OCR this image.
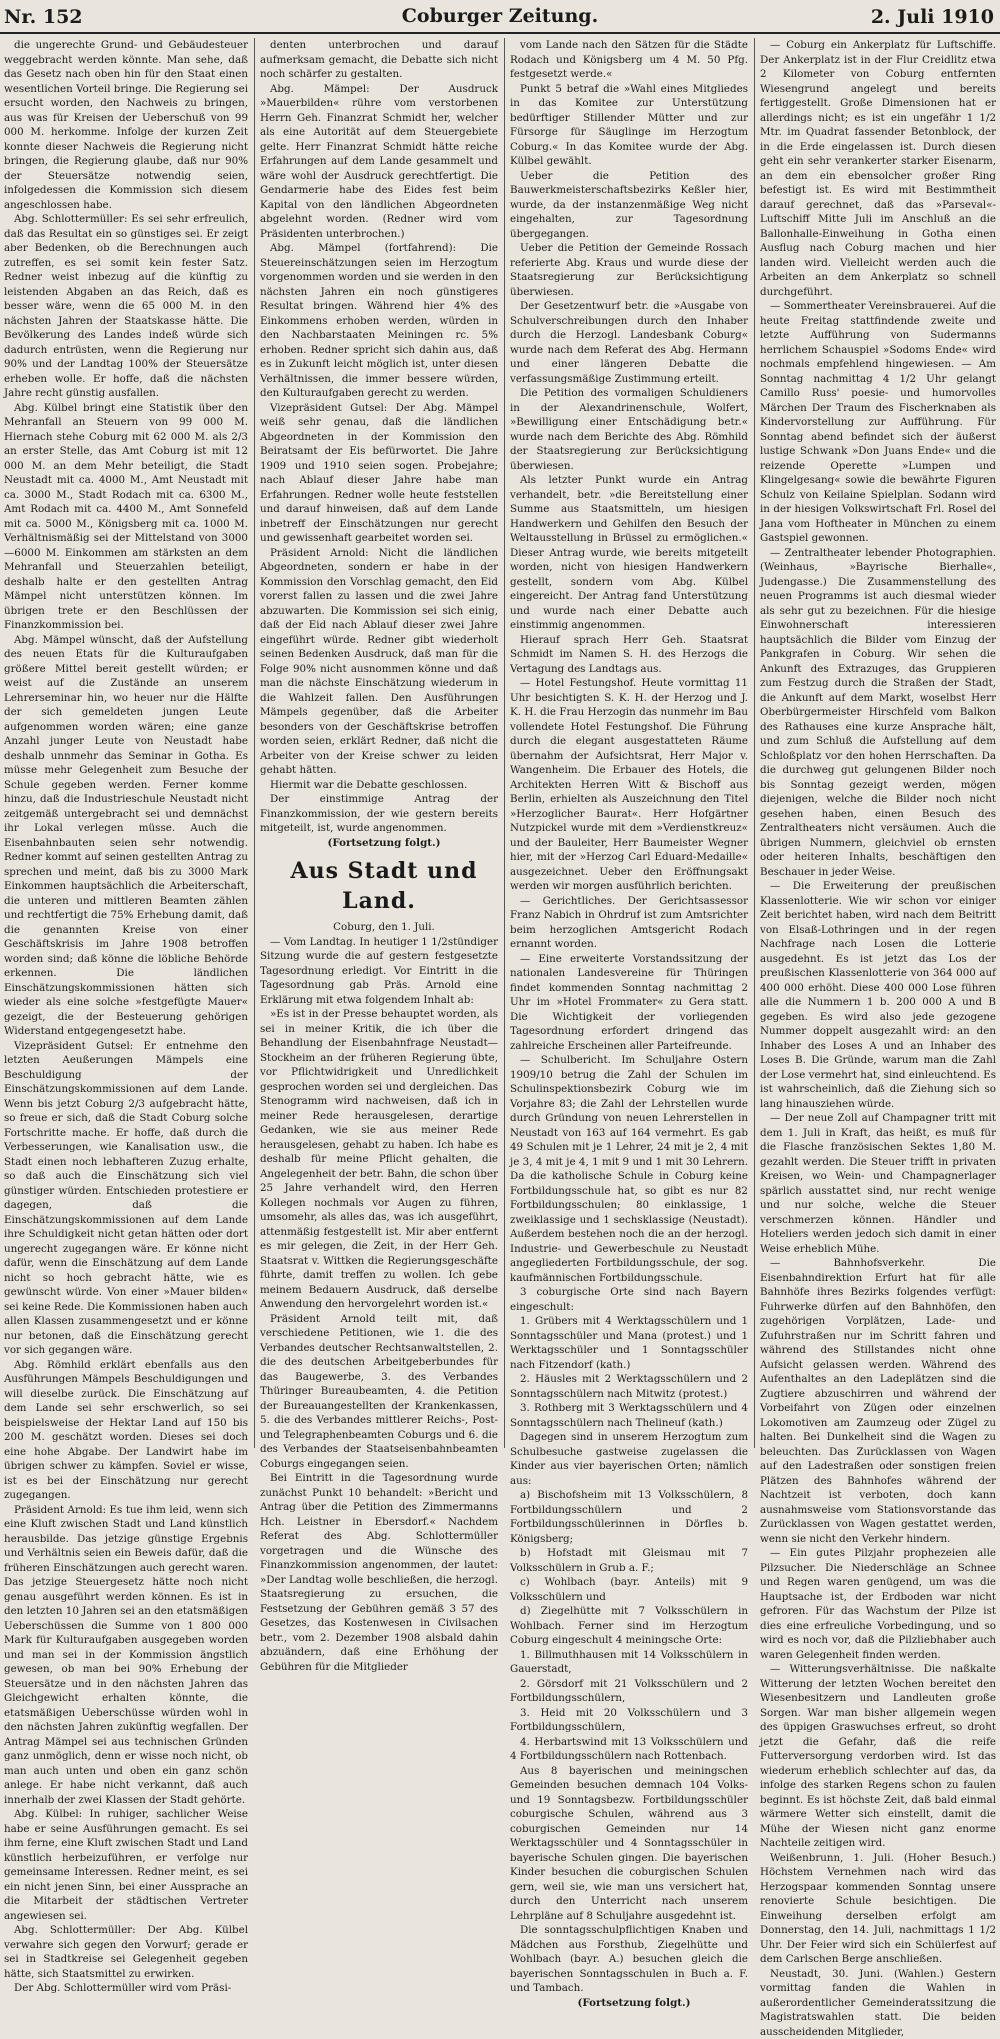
Nr. 152	Coburger Zeitung.	2. Juli 1910

die ungerechte Grund- und Gebäudesteuer weggebracht werden könnte. Man sehe, daß das Gesetz nach oben hin für den Staat einen wesentlichen Vorteil bringe. Die Regierung sei ersucht worden, den Nachweis zu bringen, aus was für Kreisen der Ueberschuß von 99 000 M. herkomme. Infolge der kurzen Zeit konnte dieser Nachweis die Regierung nicht bringen, die Regierung glaube, daß nur 90% der Steuersätze notwendig seien, infolgedessen die Kommission sich diesem angeschlossen habe.

Abg. Schlottermüller: Es sei sehr erfreulich, daß das Resultat ein so günstiges sei. Er zeigt aber Bedenken, ob die Berechnungen auch zutreffen, es sei somit kein fester Satz. Redner weist inbezug auf die künftig zu leistenden Abgaben an das Reich, daß es besser wäre, wenn die 65 000 M. in den nächsten Jahren der Staatskasse hätte. Die Bevölkerung des Landes indeß würde sich dadurch entrüsten, wenn die Regierung nur 90% und der Landtag 100% der Steuersätze erheben wolle. Er hoffe, daß die nächsten Jahre recht günstig ausfallen.

Abg. Külbel bringt eine Statistik über den Mehranfall an Steuern von 99 000 M. Hiernach stehe Coburg mit 62 000 M. als 2/3 an erster Stelle, das Amt Coburg ist mit 12 000 M. an dem Mehr beteiligt, die Stadt Neustadt mit ca. 4000 M., Amt Neustadt mit ca. 3000 M., Stadt Rodach mit ca. 6300 M., Amt Rodach mit ca. 4400 M., Amt Sonnefeld mit ca. 5000 M., Königsberg mit ca. 1000 M. Verhältnismäßig sei der Mittelstand von 3000—6000 M. Einkommen am stärksten an dem Mehranfall und Steuerzahlen beteiligt, deshalb halte er den gestellten Antrag Mämpel nicht unterstützen können. Im übrigen trete er den Beschlüssen der Finanzkommission bei.

Abg. Mämpel wünscht, daß der Aufstellung des neuen Etats für die Kulturaufgaben größere Mittel bereit gestellt würden; er weist auf die Zustände an unserem Lehrerseminar hin, wo heuer nur die Hälfte der sich gemeldeten jungen Leute aufgenommen worden wären; eine ganze Anzahl junger Leute von Neustadt habe deshalb unnmehr das Seminar in Gotha. Es müsse mehr Gelegenheit zum Besuche der Schule gegeben werden. Ferner komme hinzu, daß die Industrieschule Neustadt nicht zeitgemäß untergebracht sei und demnächst ihr Lokal verlegen müsse. Auch die Eisenbahnbauten seien sehr notwendig. Redner kommt auf seinen gestellten Antrag zu sprechen und meint, daß bis zu 3000 Mark Einkommen hauptsächlich die Arbeiterschaft, die unteren und mittleren Beamten zählen und rechtfertigt die 75% Erhebung damit, daß die genannten Kreise von einer Geschäftskrisis im Jahre 1908 betroffen worden sind; daß könne die löbliche Behörde erkennen. Die ländlichen Einschätzungskommissionen hätten sich wieder als eine solche »festgefügte Mauer« gezeigt, die der Besteuerung gehörigen Widerstand entgegengesetzt habe.

Vizepräsident Gutsel: Er entnehme den letzten Aeußerungen Mämpels eine Beschuldigung der Einschätzungskommissionen auf dem Lande. Wenn bis jetzt Coburg 2/3 aufgebracht hätte, so freue er sich, daß die Stadt Coburg solche Fortschritte mache. Er hoffe, daß durch die Verbesserungen, wie Kanalisation usw., die Stadt einen noch lebhafteren Zuzug erhalte, so daß auch die Einschätzung sich viel günstiger würden. Entschieden protestiere er dagegen, daß die Einschätzungskommissionen auf dem Lande ihre Schuldigkeit nicht getan hätten oder dort ungerecht zugegangen wäre. Er könne nicht dafür, wenn die Einschätzung auf dem Lande nicht so hoch gebracht hätte, wie es gewünscht würde. Von einer »Mauer bilden« sei keine Rede. Die Kommissionen haben auch allen Klassen zusammengesetzt und er könne nur betonen, daß die Einschätzung gerecht vor sich gegangen wäre.

Abg. Römhild erklärt ebenfalls aus den Ausführungen Mämpels Beschuldigungen und will dieselbe zurück. Die Einschätzung auf dem Lande sei sehr erschwerlich, so sei beispielsweise der Hektar Land auf 150 bis 200 M. geschätzt worden. Dieses sei doch eine hohe Abgabe. Der Landwirt habe im übrigen schwer zu kämpfen. Soviel er wisse, ist es bei der Einschätzung nur gerecht zugegangen.

Präsident Arnold: Es tue ihm leid, wenn sich eine Kluft zwischen Stadt und Land künstlich herausbilde. Das jetzige günstige Ergebnis und Verhältnis seien ein Beweis dafür, daß die früheren Einschätzungen auch gerecht waren. Das jetzige Steuergesetz hätte noch nicht genau ausgeführt werden können. Es ist in den letzten 10 Jahren sei an den etatsmäßigen Ueberschüssen die Summe von 1 800 000 Mark für Kulturaufgaben ausgegeben worden und man sei in der Kommission ängstlich gewesen, ob man bei 90% Erhebung der Steuersätze und in den nächsten Jahren das Gleichgewicht erhalten könnte, die etatsmäßigen Ueberschüsse würden wohl in den nächsten Jahren zukünftig wegfallen. Der Antrag Mämpel sei aus technischen Gründen ganz unmöglich, denn er wisse noch nicht, ob man auch unten und oben ein ganz schön anlege. Er habe nicht verkannt, daß auch innerhalb der zwei Klassen der Stadt gehörte.

Abg. Külbel: In ruhiger, sachlicher Weise habe er seine Ausführungen gemacht. Es sei ihm ferne, eine Kluft zwischen Stadt und Land künstlich herbeizuführen, er verfolge nur gemeinsame Interessen. Redner meint, es sei ein nicht jenen Sinn, bei einer Aussprache an die Mitarbeit der städtischen Vertreter angewiesen sei.

Abg. Schlottermüller: Der Abg. Külbel verwahre sich gegen den Vorwurf; gerade er sei in Stadtkreise sei Gelegenheit gegeben hätte, sich Staatsmittel zu erwirken.

Der Abg. Schlottermüller wird vom Präsi-

denten unterbrochen und darauf aufmerksam gemacht, die Debatte sich nicht noch schärfer zu gestalten.

Abg. Mämpel: Der Ausdruck »Mauerbilden« rühre vom verstorbenen Herrn Geh. Finanzrat Schmidt her, welcher als eine Autorität auf dem Steuergebiete gelte. Herr Finanzrat Schmidt hätte reiche Erfahrungen auf dem Lande gesammelt und wäre wohl der Ausdruck gerechtfertigt. Die Gendarmerie habe des Eides fest beim Kapital von den ländlichen Abgeordneten abgelehnt worden. (Redner wird vom Präsidenten unterbrochen.)

Abg. Mämpel (fortfahrend): Die Steuereinschätzungen seien im Herzogtum vorgenommen worden und sie werden in den nächsten Jahren ein noch günstigeres Resultat bringen. Während hier 4% des Einkommens erhoben werden, würden in den Nachbarstaaten Meiningen rc. 5% erhoben. Redner spricht sich dahin aus, daß es in Zukunft leicht möglich ist, unter diesen Verhältnissen, die immer bessere würden, den Kulturaufgaben gerecht zu werden.

Vizepräsident Gutsel: Der Abg. Mämpel weiß sehr genau, daß die ländlichen Abgeordneten in der Kommission den Beiratsamt der Eis befürwortet. Die Jahre 1909 und 1910 seien sogen. Probejahre; nach Ablauf dieser Jahre habe man Erfahrungen. Redner wolle heute feststellen und darauf hinweisen, daß auf dem Lande inbetreff der Einschätzungen nur gerecht und gewissenhaft gearbeitet worden sei.

Präsident Arnold: Nicht die ländlichen Abgeordneten, sondern er habe in der Kommission den Vorschlag gemacht, den Eid vorerst fallen zu lassen und die zwei Jahre abzuwarten. Die Kommission sei sich einig, daß der Eid nach Ablauf dieser zwei Jahre eingeführt würde. Redner gibt wiederholt seinen Bedenken Ausdruck, daß man für die Folge 90% nicht ausnommen könne und daß man die nächste Einschätzung wiederum in die Wahlzeit fallen. Den Ausführungen Mämpels gegenüber, daß die Arbeiter besonders von der Geschäftskrise betroffen worden seien, erklärt Redner, daß nicht die Arbeiter von der Kreise schwer zu leiden gehabt hätten.

Hiermit war die Debatte geschlossen.

Der einstimmige Antrag der Finanzkommission, der wie gestern bereits mitgeteilt, ist, wurde angenommen.

(Fortsetzung folgt.)

Aus Stadt und Land.

Coburg, den 1. Juli.

— Vom Landtag. In heutiger 1 1/2stündiger Sitzung wurde die auf gestern festgesetzte Tagesordnung erledigt. Vor Eintritt in die Tagesordnung gab Präs. Arnold eine Erklärung mit etwa folgendem Inhalt ab:

»Es ist in der Presse behauptet worden, als sei in meiner Kritik, die ich über die Behandlung der Eisenbahnfrage Neustadt—Stockheim an der früheren Regierung übte, vor Pflichtwidrigkeit und Unredlichkeit gesprochen worden sei und dergleichen. Das Stenogramm wird nachweisen, daß ich in meiner Rede herausgelesen, derartige Gedanken, wie sie aus meiner Rede herausgelesen, gehabt zu haben. Ich habe es deshalb für meine Pflicht gehalten, die Angelegenheit der betr. Bahn, die schon über 25 Jahre verhandelt wird, den Herren Kollegen nochmals vor Augen zu führen, umsomehr, als alles das, was ich ausgeführt, attenmäßig festgestellt ist. Mir aber entfernt es mir gelegen, die Zeit, in der Herr Geh. Staatsrat v. Wittken die Regierungsgeschäfte führte, damit treffen zu wollen. Ich gebe meinem Bedauern Ausdruck, daß derselbe Anwendung den hervorgelehrt worden ist.«

Präsident Arnold teilt mit, daß verschiedene Petitionen, wie 1. die des Verbandes deutscher Rechtsanwaltstellen, 2. die des deutschen Arbeitgeberbundes für das Baugewerbe, 3. des Verbandes Thüringer Bureaubeamten, 4. die Petition der Bureauangestellten der Krankenkassen, 5. die des Verbandes mittlerer Reichs-, Post- und Telegraphenbeamten Coburgs und 6. die des Verbandes der Staatseisenbahnbeamten Coburgs eingegangen seien.

Bei Eintritt in die Tagesordnung wurde zunächst Punkt 10 behandelt: »Bericht und Antrag über die Petition des Zimmermanns Hch. Leistner in Ebersdorf.« Nachdem Referat des Abg. Schlottermüller vorgetragen und die Wünsche des Finanzkommission angenommen, der lautet: »Der Landtag wolle beschließen, die herzogl. Staatsregierung zu ersuchen, die Festsetzung der Gebühren gemäß 3 57 des Gesetzes, das Kostenwesen in Civilsachen betr., vom 2. Dezember 1908 alsbald dahin abzuändern, daß eine Erhöhung der Gebühren für die Mitglieder

vom Lande nach den Sätzen für die Städte Rodach und Königsberg um 4 M. 50 Pfg. festgesetzt werde.«

Punkt 5 betraf die »Wahl eines Mitgliedes in das Komitee zur Unterstützung bedürftiger Stillender Mütter und zur Fürsorge für Säuglinge im Herzogtum Coburg.« In das Komitee wurde der Abg. Külbel gewählt.

Ueber die Petition des Bauwerkmeisterschaftsbezirks Keßler hier, wurde, da der instanzenmäßige Weg nicht eingehalten, zur Tagesordnung übergegangen.

Ueber die Petition der Gemeinde Rossach referierte Abg. Kraus und wurde diese der Staatsregierung zur Berücksichtigung überwiesen.

Der Gesetzentwurf betr. die »Ausgabe von Schulverschreibungen durch den Inhaber durch die Herzogl. Landesbank Coburg« wurde nach dem Referat des Abg. Hermann und einer längeren Debatte die verfassungsmäßige Zustimmung erteilt.

Die Petition des vormaligen Schuldieners in der Alexandrinenschule, Wolfert, »Bewilligung einer Entschädigung betr.« wurde nach dem Berichte des Abg. Römhild der Staatsregierung zur Berücksichtigung überwiesen.

Als letzter Punkt wurde ein Antrag verhandelt, betr. »die Bereitstellung einer Summe aus Staatsmitteln, um hiesigen Handwerkern und Gehilfen den Besuch der Weltausstellung in Brüssel zu ermöglichen.« Dieser Antrag wurde, wie bereits mitgeteilt worden, nicht von hiesigen Handwerkern gestellt, sondern vom Abg. Külbel eingereicht. Der Antrag fand Unterstützung und wurde nach einer Debatte auch einstimmig angenommen.

Hierauf sprach Herr Geh. Staatsrat Schmidt im Namen S. H. des Herzogs die Vertagung des Landtags aus.

— Hotel Festungshof. Heute vormittag 11 Uhr besichtigten S. K. H. der Herzog und J. K. H. die Frau Herzogin das nunmehr im Bau vollendete Hotel Festungshof. Die Führung durch die elegant ausgestatteten Räume übernahm der Aufsichtsrat, Herr Major v. Wangenheim. Die Erbauer des Hotels, die Architekten Herren Witt & Bischoff aus Berlin, erhielten als Auszeichnung den Titel »Herzoglicher Baurat«. Herr Hofgärtner Nutzpickel wurde mit dem »Verdienstkreuz« und der Bauleiter, Herr Baumeister Wegner hier, mit der »Herzog Carl Eduard-Medaille« ausgezeichnet. Ueber den Eröffnungsakt werden wir morgen ausführlich berichten.

— Gerichtliches. Der Gerichtsassessor Franz Nabich in Ohrdruf ist zum Amtsrichter beim herzoglichen Amtsgericht Rodach ernannt worden.

— Eine erweiterte Vorstandssitzung der nationalen Landesvereine für Thüringen findet kommenden Sonntag nachmittag 2 Uhr im »Hotel Frommater« zu Gera statt. Die Wichtigkeit der vorliegenden Tagesordnung erfordert dringend das zahlreiche Erscheinen aller Parteifreunde.

— Schulbericht. Im Schuljahre Ostern 1909/10 betrug die Zahl der Schulen im Schulinspektionsbezirk Coburg wie im Vorjahre 83; die Zahl der Lehrstellen wurde durch Gründung von neuen Lehrerstellen in Neustadt von 163 auf 164 vermehrt. Es gab 49 Schulen mit je 1 Lehrer, 24 mit je 2, 4 mit je 3, 4 mit je 4, 1 mit 9 und 1 mit 30 Lehrern. Da die katholische Schule in Coburg keine Fortbildungsschule hat, so gibt es nur 82 Fortbildungsschulen; 80 einklassige, 1 zweiklassige und 1 sechsklassige (Neustadt). Außerdem bestehen noch die an der herzogl. Industrie- und Gewerbeschule zu Neustadt angegliederten Fortbildungsschule, der sog. kaufmännischen Fortbildungsschule.

3 coburgische Orte sind nach Bayern eingeschult:

1. Grübers mit 4 Werktagsschülern und 1 Sonntagsschüler und Mana (protest.) und 1 Werktagsschüler und 1 Sonntagsschüler nach Fitzendorf (kath.)

2. Häusles mit 2 Werktagsschülern und 2 Sonntagsschülern nach Mitwitz (protest.)

3. Rothberg mit 3 Werktagsschülern und 4 Sonntagsschülern nach Thelineuf (kath.)

Dagegen sind in unserem Herzogtum zum Schulbesuche gastweise zugelassen die Kinder aus vier bayerischen Orten; nämlich aus:

a) Bischofsheim mit 13 Volksschülern, 8 Fortbildungsschülern und 2 Fortbildungsschülerinnen in Dörfles b. Königsberg;

b) Hofstadt mit Gleismau mit 7 Volksschülern in Grub a. F.;

c) Wohlbach (bayr. Anteils) mit 9 Volksschülern und

d) Ziegelhütte mit 7 Volksschülern in Wohlbach. Ferner sind im Herzogtum Coburg eingeschult 4 meiningsche Orte:

1. Billmuthhausen mit 14 Volksschülern in Gauerstadt,

2. Görsdorf mit 21 Volksschülern und 2 Fortbildungsschülern,

3. Heid mit 20 Volksschülern und 3 Fortbildungsschülern,

4. Herbartswind mit 13 Volksschülern und 4 Fortbildungsschülern nach Rottenbach.

Aus 8 bayerischen und meiningschen Gemeinden besuchen demnach 104 Volks- und 19 Sonntagsbezw. Fortbildungsschüler coburgische Schulen, während aus 3 coburgischen Gemeinden nur 14 Werktagsschüler und 4 Sonntagsschüler in bayerische Schulen gingen. Die bayerischen Kinder besuchen die coburgischen Schulen gern, weil sie, wie man uns versichert hat, durch den Unterricht nach unserem Lehrpläne auf 8 Schuljahre ausgedehnt ist.

Die sonntagsschulpflichtigen Knaben und Mädchen aus Forsthub, Ziegelhütte und Wohlbach (bayr. A.) besuchen gleich die bayerischen Sonntagsschulen in Buch a. F. und Tambach.

(Fortsetzung folgt.)

— Coburg ein Ankerplatz für Luftschiffe. Der Ankerplatz ist in der Flur Creidlitz etwa 2 Kilometer von Coburg entfernten Wiesengrund angelegt und bereits fertiggestellt. Große Dimensionen hat er allerdings nicht; es ist ein ungefähr 1 1/2 Mtr. im Quadrat fassender Betonblock, der in die Erde eingelassen ist. Durch diesen geht ein sehr verankerter starker Eisenarm, an dem ein ebensolcher großer Ring befestigt ist. Es wird mit Bestimmtheit darauf gerechnet, daß das »Parseval«-Luftschiff Mitte Juli im Anschluß an die Ballonhalle-Einweihung in Gotha einen Ausflug nach Coburg machen und hier landen wird. Vielleicht werden auch die Arbeiten an dem Ankerplatz so schnell durchgeführt.

— Sommertheater Vereinsbrauerei. Auf die heute Freitag stattfindende zweite und letzte Aufführung von Sudermanns herrlichem Schauspiel »Sodoms Ende« wird nochmals empfehlend hingewiesen. — Am Sonntag nachmittag 4 1/2 Uhr gelangt Camillo Russ' poesie- und humorvolles Märchen Der Traum des Fischerknaben als Kindervorstellung zur Aufführung. Für Sonntag abend befindet sich der äußerst lustige Schwank »Don Juans Ende« und die reizende Operette »Lumpen und Klingelgesang« sowie die bewährte Figuren Schulz von Keilaine Spielplan. Sodann wird in der hiesigen Volkswirtschaft Frl. Rosel del Jana vom Hoftheater in München zu einem Gastspiel gewonnen.

— Zentraltheater lebender Photographien. (Weinhaus, »Bayrische Bierhalle«, Judengasse.) Die Zusammenstellung des neuen Programms ist auch diesmal wieder als sehr gut zu bezeichnen. Für die hiesige Einwohnerschaft interessieren hauptsächlich die Bilder vom Einzug der Pankgrafen in Coburg. Wir sehen die Ankunft des Extrazuges, das Gruppieren zum Festzug durch die Straßen der Stadt, die Ankunft auf dem Markt, woselbst Herr Oberbürgermeister Hirschfeld vom Balkon des Rathauses eine kurze Ansprache hält, und zum Schluß die Aufstellung auf dem Schloßplatz vor den hohen Herrschaften. Da die durchweg gut gelungenen Bilder noch bis Sonntag gezeigt werden, mögen diejenigen, welche die Bilder noch nicht gesehen haben, einen Besuch des Zentraltheaters nicht versäumen. Auch die übrigen Nummern, gleichviel ob ernsten oder heiteren Inhalts, beschäftigen den Beschauer in jeder Weise.

— Die Erweiterung der preußischen Klassenlotterie. Wie wir schon vor einiger Zeit berichtet haben, wird nach dem Beitritt von Elsaß-Lothringen und in der regen Nachfrage nach Losen die Lotterie ausgedehnt. Es ist jetzt das Los der preußischen Klassenlotterie von 364 000 auf 400 000 erhöht. Diese 400 000 Lose führen alle die Nummern 1 b. 200 000 A und B gegeben. Es wird also jede gezogene Nummer doppelt ausgezahlt wird: an den Inhaber des Loses A und an Inhaber des Loses B. Die Gründe, warum man die Zahl der Lose vermehrt hat, sind einleuchtend. Es ist wahrscheinlich, daß die Ziehung sich so lang hinausziehen würde.

— Der neue Zoll auf Champagner tritt mit dem 1. Juli in Kraft, das heißt, es muß für die Flasche französischen Sektes 1,80 M. gezahlt werden. Die Steuer trifft in privaten Kreisen, wo Wein- und Champagnerlager spärlich ausstattet sind, nur recht wenige und nur solche, welche die Steuer verschmerzen können. Händler und Hoteliers werden jedoch sich damit in einer Weise erheblich Mühe.

— Bahnhofsverkehr. Die Eisenbahndirektion Erfurt hat für alle Bahnhöfe ihres Bezirks folgendes verfügt: Fuhrwerke dürfen auf den Bahnhöfen, den zugehörigen Vorplätzen, Lade- und Zufuhrstraßen nur im Schritt fahren und während des Stillstandes nicht ohne Aufsicht gelassen werden. Während des Aufenthaltes an den Ladeplätzen sind die Zugtiere abzuschirren und während der Vorbeifahrt von Zügen oder einzelnen Lokomotiven am Zaumzeug oder Zügel zu halten. Bei Dunkelheit sind die Wagen zu beleuchten. Das Zurücklassen von Wagen auf den Ladestraßen oder sonstigen freien Plätzen des Bahnhofes während der Nachtzeit ist verboten, doch kann ausnahmsweise vom Stationsvorstande das Zurücklassen von Wagen gestattet werden, wenn sie nicht den Verkehr hindern.

— Ein gutes Pilzjahr prophezeien alle Pilzsucher. Die Niederschläge an Schnee und Regen waren genügend, um was die Hauptsache ist, der Erdboden war nicht gefroren. Für das Wachstum der Pilze ist dies eine erfreuliche Vorbedingung, und so wird es noch vor, daß die Pilzliebhaber auch waren Gelegenheit finden werden.

— Witterungsverhältnisse. Die naßkalte Witterung der letzten Wochen bereitet den Wiesenbesitzern und Landleuten große Sorgen. War man bisher allgemein wegen des üppigen Graswuchses erfreut, so droht jetzt die Gefahr, daß die reife Futterversorgung verdorben wird. Ist das wiederum erheblich schlechter auf das, da infolge des starken Regens schon zu faulen beginnt. Es ist höchste Zeit, daß bald einmal wärmere Wetter sich einstellt, damit die Mühe der Wiesen nicht ganz enorme Nachteile zeitigen wird.

Weißenbrunn, 1. Juli. (Hoher Besuch.) Höchstem Vernehmen nach wird das Herzogspaar kommenden Sonntag unsere renovierte Schule besichtigen. Die Einweihung derselben erfolgt am Donnerstag, den 14. Juli, nachmittags 1 1/2 Uhr. Der Feier wird sich ein Schülerfest auf dem Carlschen Berge anschließen.

Neustadt, 30. Juni. (Wahlen.) Gestern vormittag fanden die Wahlen in außerordentlicher Gemeinderatssitzung die Magistratswahlen statt. Die beiden ausscheidenden Mitglieder,
